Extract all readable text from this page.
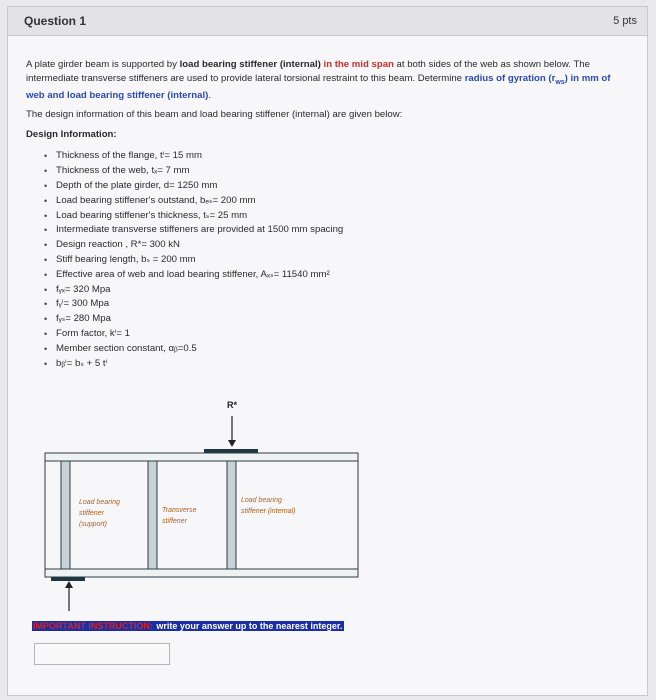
Question 1	5 pts

A plate girder beam is supported by load bearing stiffener (internal) in the mid span at both sides of the web as shown below. The intermediate transverse stiffeners are used to provide lateral torsional restraint to this beam. Determine radius of gyration $(r_{ws})$ in mm of web and load bearing stiffener (internal).

The design information of this beam and load bearing stiffener (internal) are given below:

Design Information:

• Thickness of the flange, tⁱ= 15 mm
• Thickness of the web, tₓ= 7 mm
• Depth of the plate girder, d= 1250 mm
• Load bearing stiffener's outstand, bₑₛ= 200 mm
• Load bearing stiffener's thickness, tₛ= 25 mm
• Intermediate transverse stiffeners are provided at 1500 mm spacing
• Design reaction , R*= 300 kN
• Stiff bearing length, bₛ = 200 mm
• Effective area of web and load bearing stiffener, Aₓₛ= 11540 mm²
• fᵧₓ= 320 Mpa
• fᵧⁱ= 300 Mpa
• fᵧₛ= 280 Mpa
• Form factor, kⁱ= 1
• Member section constant, αᵦ=0.5
• bᵦⁱ= bₛ + 5 tⁱ
R*
Load bearing stiffener (support)
Transverse stiffener
Load bearing stiffener (internal)
IMPORTANT INSTRUCTION: write your answer up to the nearest integer.
